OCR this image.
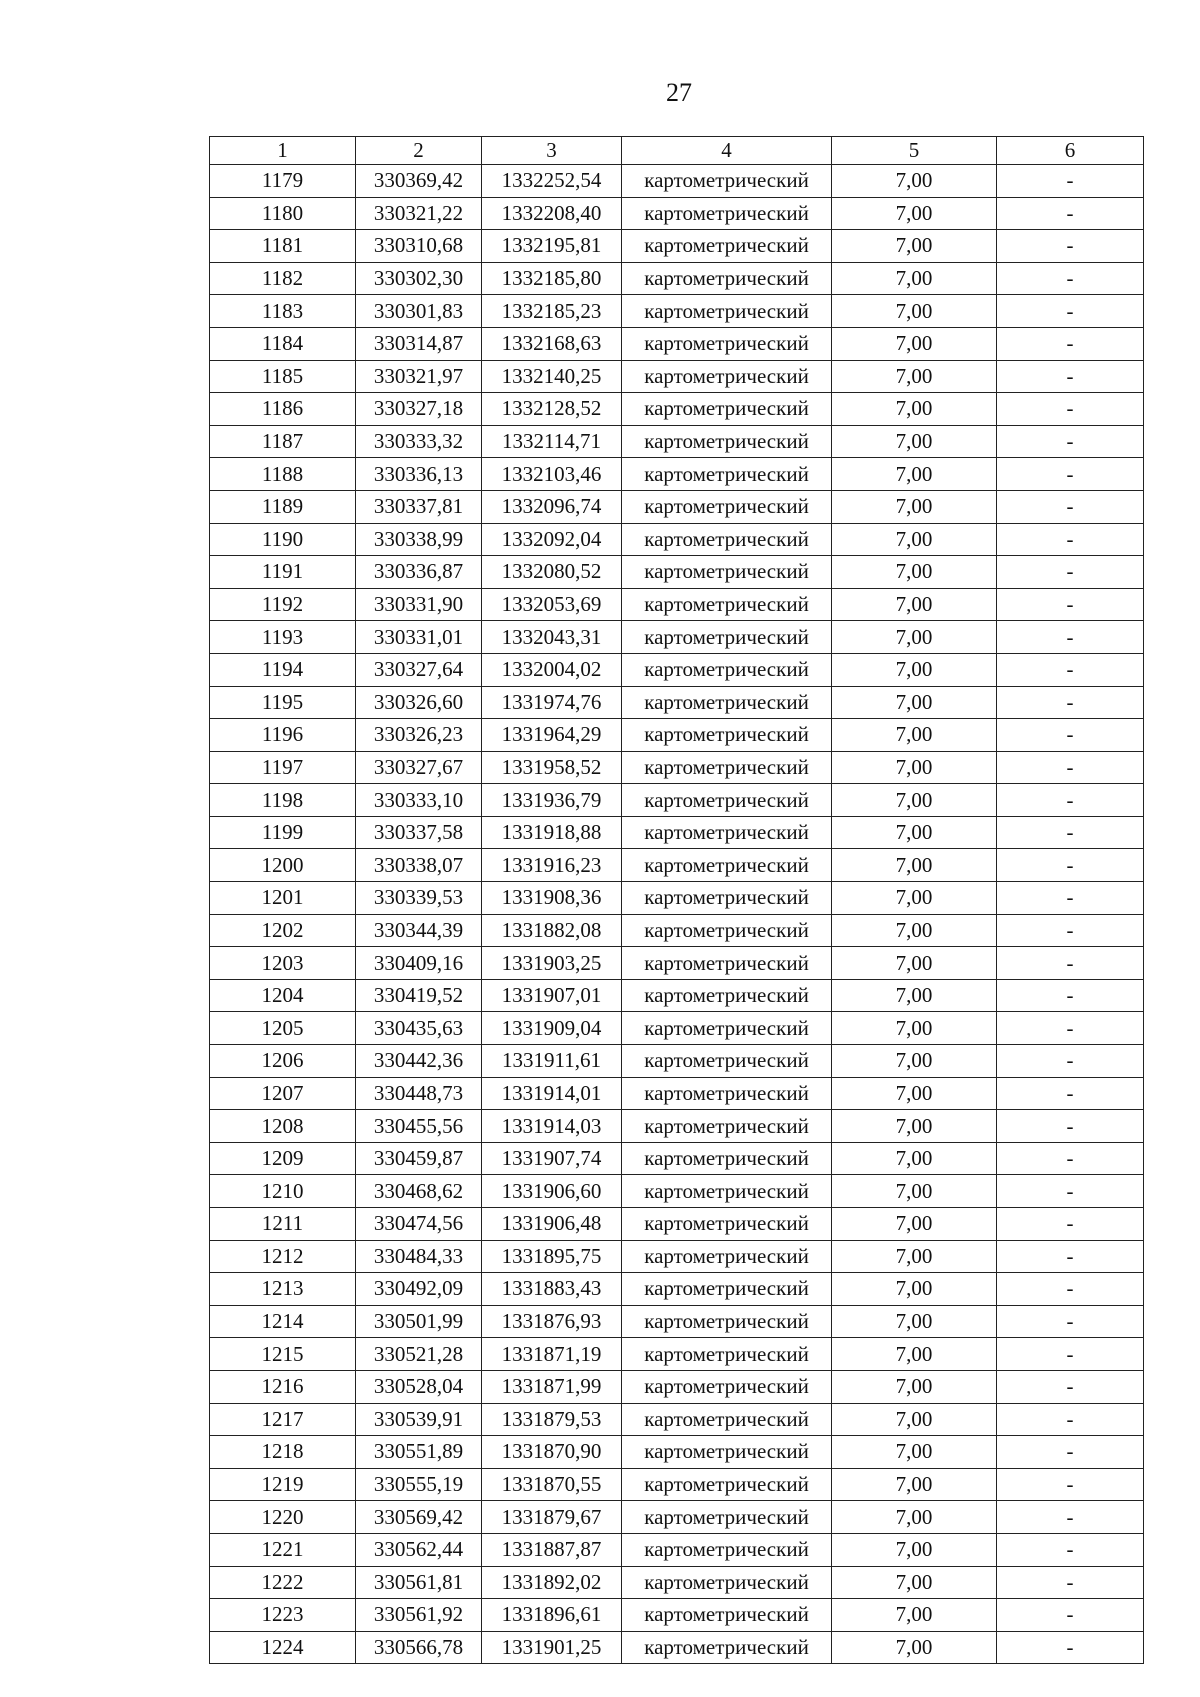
27
1	2	3	4	5	6
1179	330369,42	1332252,54	картометрический	7,00	-
1180	330321,22	1332208,40	картометрический	7,00	-
1181	330310,68	1332195,81	картометрический	7,00	-
1182	330302,30	1332185,80	картометрический	7,00	-
1183	330301,83	1332185,23	картометрический	7,00	-
1184	330314,87	1332168,63	картометрический	7,00	-
1185	330321,97	1332140,25	картометрический	7,00	-
1186	330327,18	1332128,52	картометрический	7,00	-
1187	330333,32	1332114,71	картометрический	7,00	-
1188	330336,13	1332103,46	картометрический	7,00	-
1189	330337,81	1332096,74	картометрический	7,00	-
1190	330338,99	1332092,04	картометрический	7,00	-
1191	330336,87	1332080,52	картометрический	7,00	-
1192	330331,90	1332053,69	картометрический	7,00	-
1193	330331,01	1332043,31	картометрический	7,00	-
1194	330327,64	1332004,02	картометрический	7,00	-
1195	330326,60	1331974,76	картометрический	7,00	-
1196	330326,23	1331964,29	картометрический	7,00	-
1197	330327,67	1331958,52	картометрический	7,00	-
1198	330333,10	1331936,79	картометрический	7,00	-
1199	330337,58	1331918,88	картометрический	7,00	-
1200	330338,07	1331916,23	картометрический	7,00	-
1201	330339,53	1331908,36	картометрический	7,00	-
1202	330344,39	1331882,08	картометрический	7,00	-
1203	330409,16	1331903,25	картометрический	7,00	-
1204	330419,52	1331907,01	картометрический	7,00	-
1205	330435,63	1331909,04	картометрический	7,00	-
1206	330442,36	1331911,61	картометрический	7,00	-
1207	330448,73	1331914,01	картометрический	7,00	-
1208	330455,56	1331914,03	картометрический	7,00	-
1209	330459,87	1331907,74	картометрический	7,00	-
1210	330468,62	1331906,60	картометрический	7,00	-
1211	330474,56	1331906,48	картометрический	7,00	-
1212	330484,33	1331895,75	картометрический	7,00	-
1213	330492,09	1331883,43	картометрический	7,00	-
1214	330501,99	1331876,93	картометрический	7,00	-
1215	330521,28	1331871,19	картометрический	7,00	-
1216	330528,04	1331871,99	картометрический	7,00	-
1217	330539,91	1331879,53	картометрический	7,00	-
1218	330551,89	1331870,90	картометрический	7,00	-
1219	330555,19	1331870,55	картометрический	7,00	-
1220	330569,42	1331879,67	картометрический	7,00	-
1221	330562,44	1331887,87	картометрический	7,00	-
1222	330561,81	1331892,02	картометрический	7,00	-
1223	330561,92	1331896,61	картометрический	7,00	-
1224	330566,78	1331901,25	картометрический	7,00	-
